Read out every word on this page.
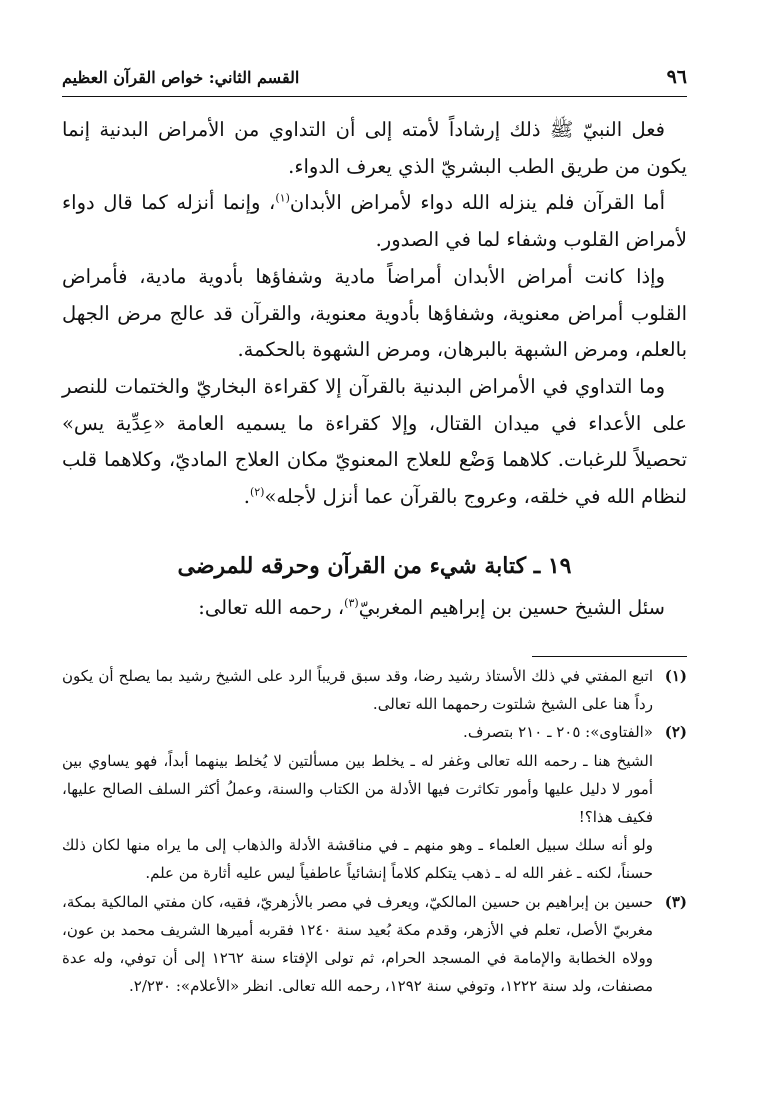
٩٦
القسم الثاني: خواص القرآن العظيم

فعل النبيّ ﷺ ذلك إرشاداً لأمته إلى أن التداوي من الأمراض البدنية إنما يكون من طريق الطب البشريّ الذي يعرف الدواء.

أما القرآن فلم ينزله الله دواء لأمراض الأبدان$^{(١)}$، وإنما أنزله كما قال دواء لأمراض القلوب وشفاء لما في الصدور.

وإذا كانت أمراض الأبدان أمراضاً مادية وشفاؤها بأدوية مادية، فأمراض القلوب أمراض معنوية، وشفاؤها بأدوية معنوية، والقرآن قد عالج مرض الجهل بالعلم، ومرض الشبهة بالبرهان، ومرض الشهوة بالحكمة.

وما التداوي في الأمراض البدنية بالقرآن إلا كقراءة البخاريّ والختمات للنصر على الأعداء في ميدان القتال، وإلا كقراءة ما يسميه العامة «عِدِّية يس» تحصيلاً للرغبات. كلاهما وَضْع للعلاج المعنويّ مكان العلاج الماديّ، وكلاهما قلب لنظام الله في خلقه، وعروج بالقرآن عما أنزل لأجله»$^{(٢)}$.

١٩ ـ كتابة شيء من القرآن وحرقه للمرضى
سئل الشيخ حسين بن إبراهيم المغربيّ$^{(٣)}$، رحمه الله تعالى:
(١)

اتبع المفتي في ذلك الأستاذ رشيد رضا، وقد سبق قريباً الرد على الشيخ رشيد بما يصلح أن يكون رداً هنا على الشيخ شلتوت رحمهما الله تعالى.

(٢)

«الفتاوى»: ٢٠٥ ـ ٢١٠ بتصرف.

الشيخ هنا ـ رحمه الله تعالى وغفر له ـ يخلط بين مسألتين لا يُخلط بينهما أبداً، فهو يساوي بين أمور لا دليل عليها وأمور تكاثرت فيها الأدلة من الكتاب والسنة، وعملُ أكثر السلف الصالح عليها، فكيف هذا؟!

ولو أنه سلك سبيل العلماء ـ وهو منهم ـ في مناقشة الأدلة والذهاب إلى ما يراه منها لكان ذلك حسناً، لكنه ـ غفر الله له ـ ذهب يتكلم كلاماً إنشائياً عاطفياً ليس عليه أثارة من علم.

(٣)

حسين بن إبراهيم بن حسين المالكيّ، ويعرف في مصر بالأزهريّ، فقيه، كان مفتي المالكية بمكة، مغربيّ الأصل، تعلم في الأزهر، وقدم مكة بُعيد سنة ١٢٤٠ فقربه أميرها الشريف محمد بن عون، وولاه الخطابة والإمامة في المسجد الحرام، ثم تولى الإفتاء سنة ١٢٦٢ إلى أن توفي، وله عدة مصنفات، ولد سنة ١٢٢٢، وتوفي سنة ١٢٩٢، رحمه الله تعالى. انظر «الأعلام»: ٢/٢٣٠.
